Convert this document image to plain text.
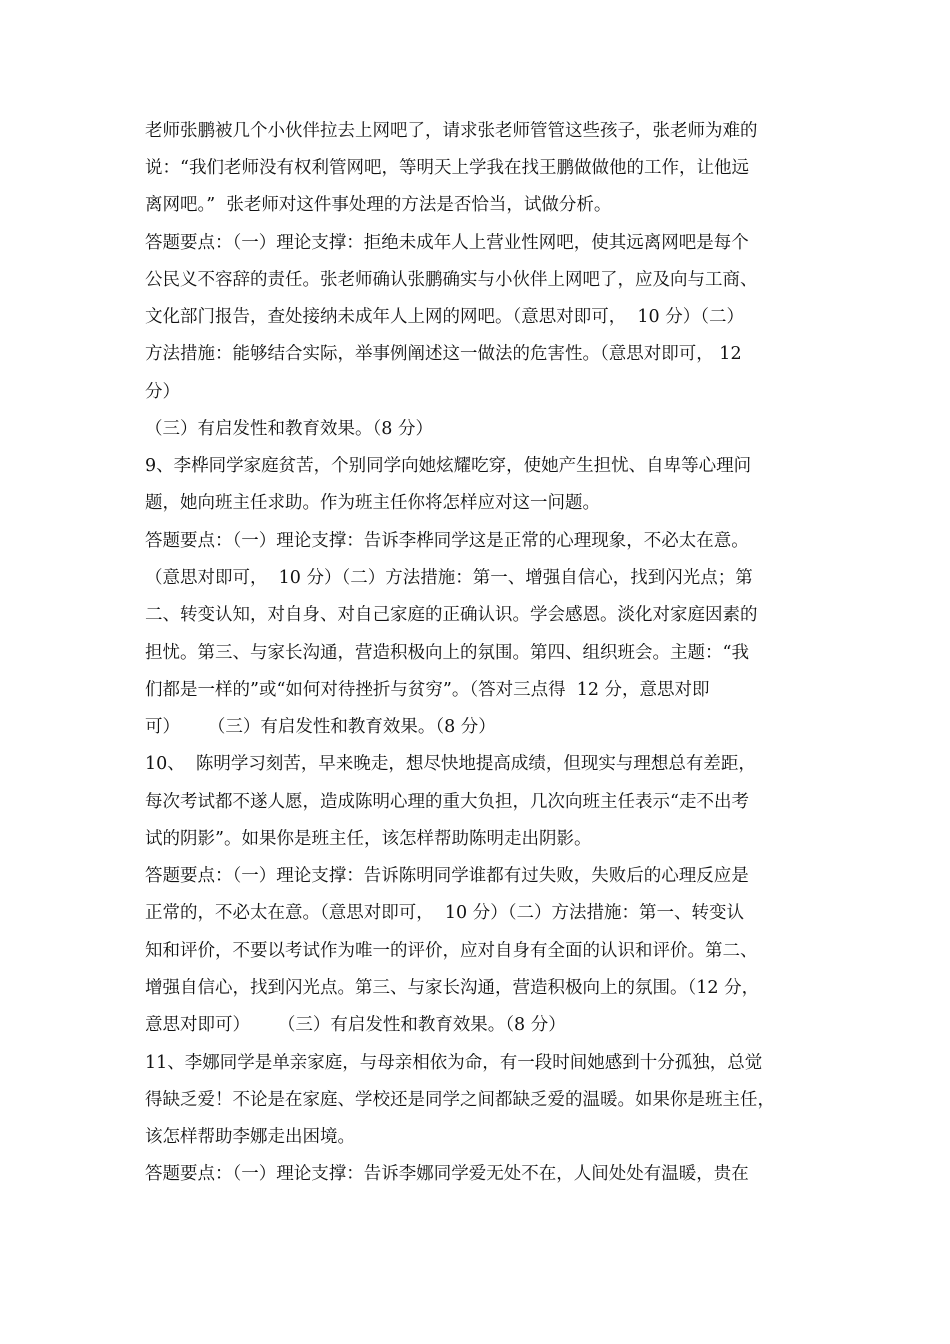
老师张鹏被几个小伙伴拉去上网吧了，请求张老师管管这些孩子，张老师为难的
说：“我们老师没有权利管网吧，等明天上学我在找王鹏做做他的工作，让他远
离网吧。”  张老师对这件事处理的方法是否恰当，试做分析。
答题要点：（一）理论支撑：拒绝未成年人上营业性网吧，使其远离网吧是每个
公民义不容辞的责任。张老师确认张鹏确实与小伙伴上网吧了，应及向与工商、
文化部门报告，查处接纳未成年人上网的网吧。（意思对即可，  10 分）（二）
方法措施：能够结合实际，举事例阐述这一做法的危害性。（意思对即可， 12
分）
（三）有启发性和教育效果。（8 分）
9、李桦同学家庭贫苦，个别同学向她炫耀吃穿，使她产生担忧、自卑等心理问
题，她向班主任求助。作为班主任你将怎样应对这一问题。
答题要点：（一）理论支撑：告诉李桦同学这是正常的心理现象，不必太在意。
（意思对即可，  10 分）（二）方法措施：第一、增强自信心，找到闪光点；第
二、转变认知，对自身、对自己家庭的正确认识。学会感恩。淡化对家庭因素的
担忧。第三、与家长沟通，营造积极向上的氛围。第四、组织班会。主题：“我
们都是一样的”或“如何对待挫折与贫穷”。（答对三点得  12 分，意思对即
可）     （三）有启发性和教育效果。（8 分）
10、  陈明学习刻苦，早来晚走，想尽快地提高成绩，但现实与理想总有差距，
每次考试都不遂人愿，造成陈明心理的重大负担，几次向班主任表示“走不出考
试的阴影”。如果你是班主任，该怎样帮助陈明走出阴影。
答题要点：（一）理论支撑：告诉陈明同学谁都有过失败，失败后的心理反应是
正常的，不必太在意。（意思对即可，  10 分）（二）方法措施：第一、转变认
知和评价，不要以考试作为唯一的评价，应对自身有全面的认识和评价。第二、
增强自信心，找到闪光点。第三、与家长沟通，营造积极向上的氛围。（12 分，
意思对即可）     （三）有启发性和教育效果。（8 分）
11、李娜同学是单亲家庭，与母亲相依为命，有一段时间她感到十分孤独，总觉
得缺乏爱！不论是在家庭、学校还是同学之间都缺乏爱的温暖。如果你是班主任，
该怎样帮助李娜走出困境。
答题要点：（一）理论支撑：告诉李娜同学爱无处不在，人间处处有温暖，贵在
